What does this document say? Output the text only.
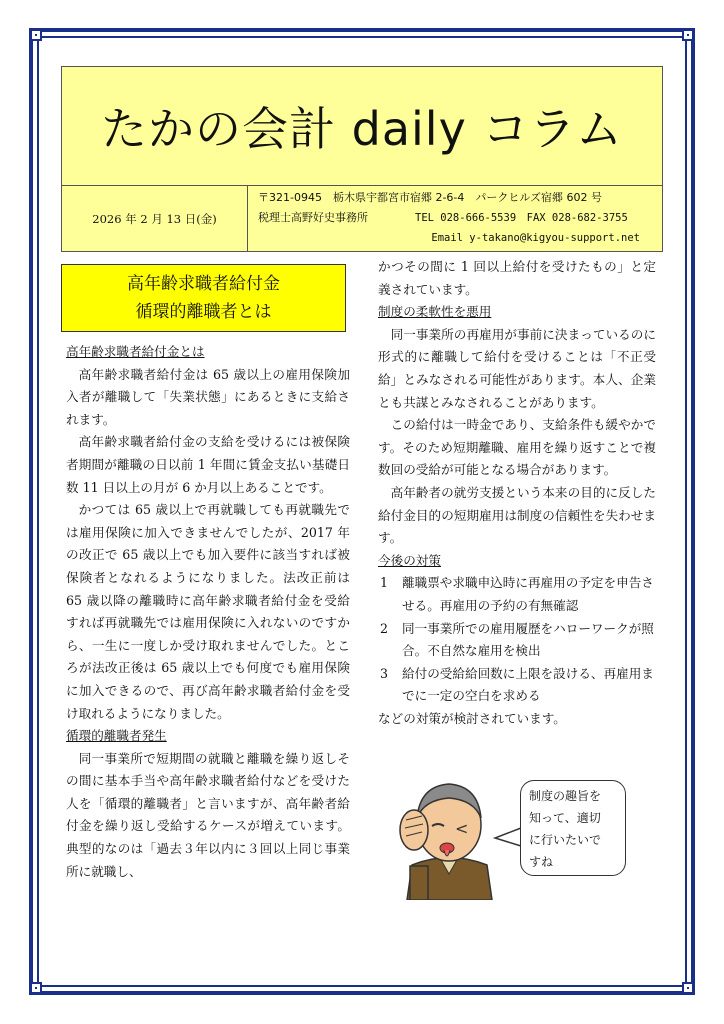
たかの会計 daily コラム
2026 年 2 月 13 日(金)
〒321-0945　栃木県宇都宮市宿郷 2-6-4　パークヒルズ宿郷 602 号
税理士高野好史事務所	TEL 028-666-5539　FAX 028-682-3755
Email y-takano@kigyou-support.net
高年齢求職者給付金
循環的離職者とは
高年齢求職者給付金とは

高年齢求職者給付金は 65 歳以上の雇用保険加入者が離職して「失業状態」にあるときに支給されます。

高年齢求職者給付金の支給を受けるには被保険者期間が離職の日以前 1 年間に賃金支払い基礎日数 11 日以上の月が 6 か月以上あることです。

かつては 65 歳以上で再就職しても再就職先では雇用保険に加入できませんでしたが、2017 年の改正で 65 歳以上でも加入要件に該当すれば被保険者となれるようになりました。法改正前は 65 歳以降の離職時に高年齢求職者給付金を受給すれば再就職先では雇用保険に入れないのですから、一生に一度しか受け取れませんでした。ところが法改正後は 65 歳以上でも何度でも雇用保険に加入できるので、再び高年齢求職者給付金を受け取れるようになりました。

循環的離職者発生

同一事業所で短期間の就職と離職を繰り返しその間に基本手当や高年齢求職者給付などを受けた人を「循環的離職者」と言いますが、高年齢者給付金を繰り返し受給するケースが増えています。典型的なのは「過去３年以内に３回以上同じ事業所に就職し、

かつその間に 1 回以上給付を受けたもの」と定義されています。

制度の柔軟性を悪用

同一事業所の再雇用が事前に決まっているのに形式的に離職して給付を受けることは「不正受給」とみなされる可能性があります。本人、企業とも共謀とみなされることがあります。

この給付は一時金であり、支給条件も緩やかです。そのため短期離職、雇用を繰り返すことで複数回の受給が可能となる場合があります。

高年齢者の就労支援という本来の目的に反した給付金目的の短期雇用は制度の信頼性を失わせます。

今後の対策
1	離職票や求職申込時に再雇用の予定を申告させる。再雇用の予約の有無確認
2	同一事業所での雇用履歴をハローワークが照合。不自然な雇用を検出
3	給付の受給給回数に上限を設ける、再雇用までに一定の空白を求める

などの対策が検討されています。

<
制度の趣旨を
知って、適切
に行いたいで
すね
